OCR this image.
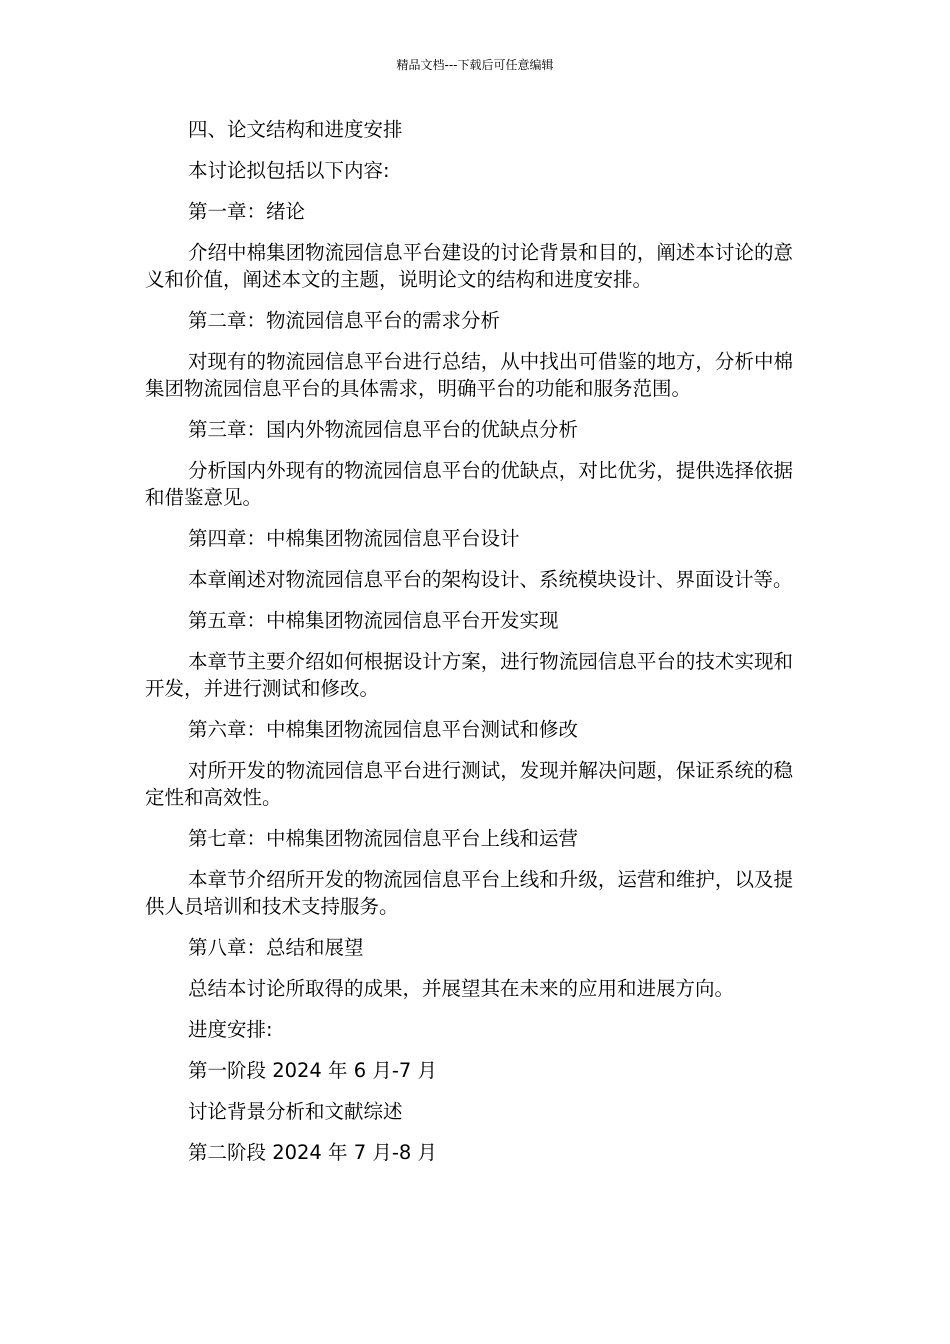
精品文档---下载后可任意编辑

四、论文结构和进度安排

本讨论拟包括以下内容:

第一章：绪论

介绍中棉集团物流园信息平台建设的讨论背景和目的，阐述本讨论的意义和价值，阐述本文的主题，说明论文的结构和进度安排。

第二章：物流园信息平台的需求分析

对现有的物流园信息平台进行总结，从中找出可借鉴的地方，分析中棉集团物流园信息平台的具体需求，明确平台的功能和服务范围。

第三章：国内外物流园信息平台的优缺点分析

分析国内外现有的物流园信息平台的优缺点，对比优劣，提供选择依据和借鉴意见。

第四章：中棉集团物流园信息平台设计

本章阐述对物流园信息平台的架构设计、系统模块设计、界面设计等。

第五章：中棉集团物流园信息平台开发实现

本章节主要介绍如何根据设计方案，进行物流园信息平台的技术实现和开发，并进行测试和修改。

第六章：中棉集团物流园信息平台测试和修改

对所开发的物流园信息平台进行测试，发现并解决问题，保证系统的稳定性和高效性。

第七章：中棉集团物流园信息平台上线和运营

本章节介绍所开发的物流园信息平台上线和升级，运营和维护，以及提供人员培训和技术支持服务。

第八章：总结和展望

总结本讨论所取得的成果，并展望其在未来的应用和进展方向。

进度安排:

第一阶段 2024 年 6 月-7 月

讨论背景分析和文献综述

第二阶段 2024 年 7 月-8 月
